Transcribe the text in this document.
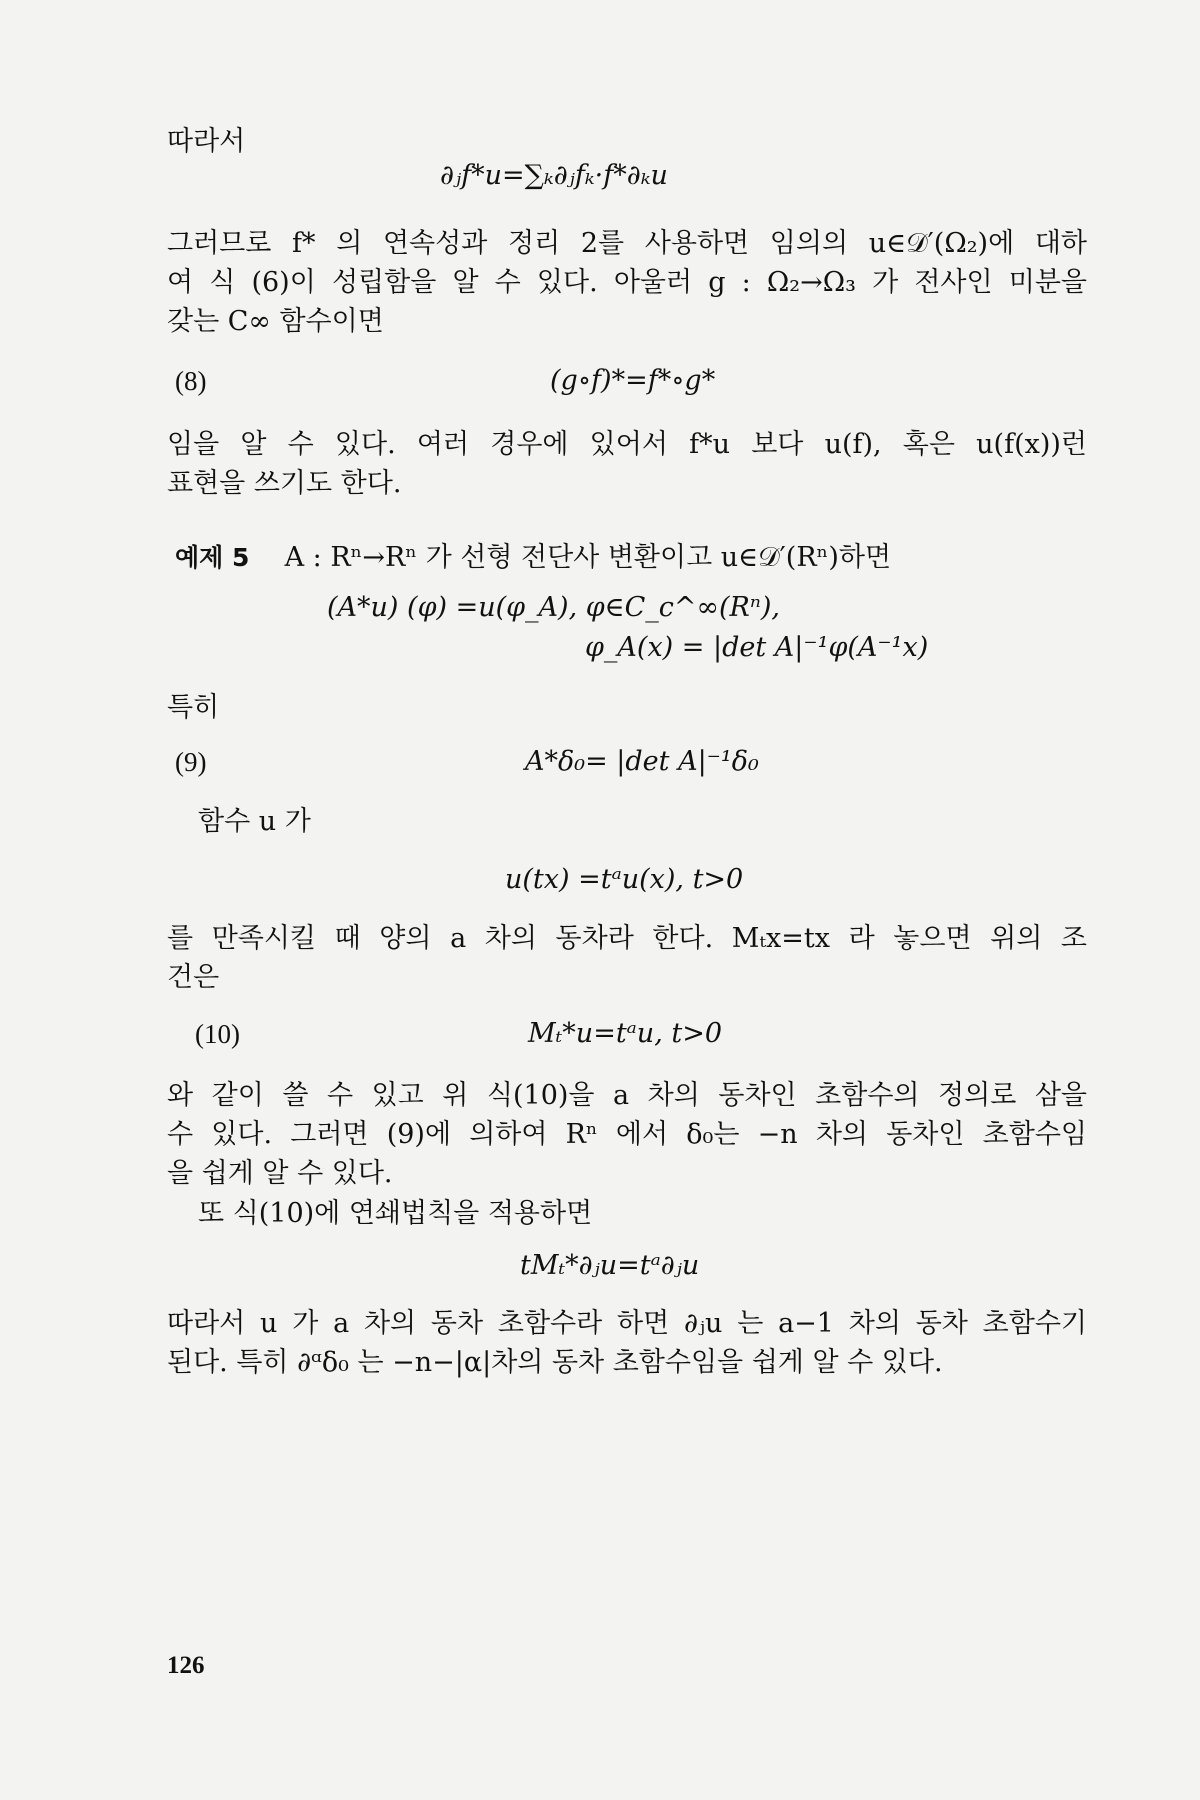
따라서
∂ⱼf*u=∑ₖ∂ⱼfₖ·f*∂ₖu
그러므로 f* 의 연속성과 정리 2를 사용하면 임의의 u∈𝒟′(Ω₂)에 대하
여 식 (6)이 성립함을 알 수 있다. 아울러 g : Ω₂→Ω₃ 가 전사인 미분을
갖는 C∞ 함수이면
(8)	(g∘f)*=f*∘g*
임을 알 수 있다. 여러 경우에 있어서 f*u 보다 u(f), 혹은 u(f(x))런
표현을 쓰기도 한다.
예제 5 A : Rⁿ→Rⁿ 가 선형 전단사 변환이고 u∈𝒟′(Rⁿ)하면
(A*u) (φ) =u(φ_A), φ∈C_c^∞(Rⁿ),
φ_A(x) = |det A|⁻¹φ(A⁻¹x)
특히
(9)	A*δ₀= |det A|⁻¹δ₀
함수 u 가
u(tx) =tᵃu(x), t>0
를 만족시킬 때 양의 a 차의 동차라 한다. Mₜx=tx 라 놓으면 위의 조
건은
(10)	Mₜ*u=tᵃu, t>0
와 같이 쓸 수 있고 위 식(10)을 a 차의 동차인 초함수의 정의로 삼을
수 있다. 그러면 (9)에 의하여 Rⁿ 에서 δ₀는 −n 차의 동차인 초함수임
을 쉽게 알 수 있다.
또 식(10)에 연쇄법칙을 적용하면
tMₜ*∂ⱼu=tᵃ∂ⱼu
따라서 u 가 a 차의 동차 초함수라 하면 ∂ⱼu 는 a−1 차의 동차 초함수기
된다. 특히 ∂ᵅδ₀ 는 −n−|α|차의 동차 초함수임을 쉽게 알 수 있다.
126
